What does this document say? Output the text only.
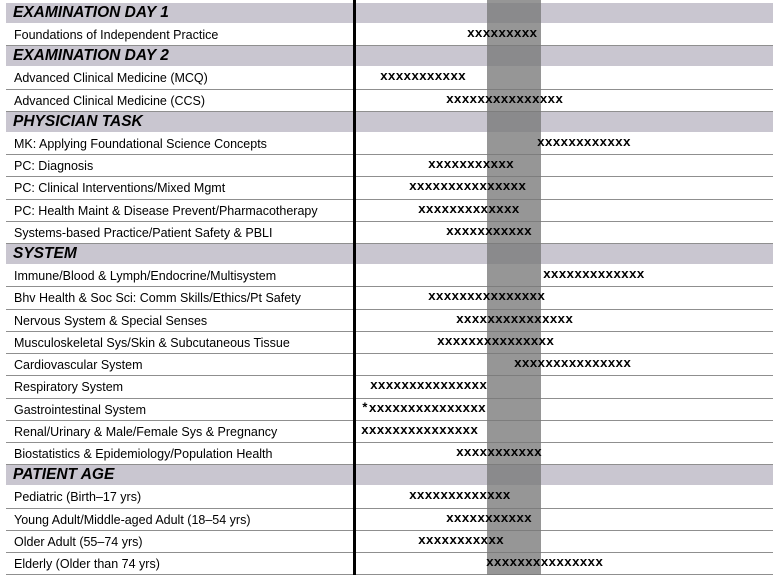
EXAMINATION DAY 1
Foundations of Independent Practice	xxxxxxxxx
EXAMINATION DAY 2
Advanced Clinical Medicine (MCQ)	xxxxxxxxxxx
Advanced Clinical Medicine (CCS)	xxxxxxxxxxxxxxx
PHYSICIAN TASK
MK: Applying Foundational Science Concepts	xxxxxxxxxxxx
PC: Diagnosis	xxxxxxxxxxx
PC: Clinical Interventions/Mixed Mgmt	xxxxxxxxxxxxxxx
PC: Health Maint & Disease Prevent/Pharmacotherapy	xxxxxxxxxxxxx
Systems-based Practice/Patient Safety & PBLI	xxxxxxxxxxx
SYSTEM
Immune/Blood & Lymph/Endocrine/Multisystem	xxxxxxxxxxxxx
Bhv Health & Soc Sci: Comm Skills/Ethics/Pt Safety	xxxxxxxxxxxxxxx
Nervous System & Special Senses	xxxxxxxxxxxxxxx
Musculoskeletal Sys/Skin & Subcutaneous Tissue	xxxxxxxxxxxxxxx
Cardiovascular System	xxxxxxxxxxxxxxx
Respiratory System	xxxxxxxxxxxxxxx
Gastrointestinal System	*xxxxxxxxxxxxxxx
Renal/Urinary & Male/Female Sys & Pregnancy	xxxxxxxxxxxxxxx
Biostatistics & Epidemiology/Population Health	xxxxxxxxxxx
PATIENT AGE
Pediatric (Birth–17 yrs)	xxxxxxxxxxxxx
Young Adult/Middle-aged Adult (18–54 yrs)	xxxxxxxxxxx
Older Adult (55–74 yrs)	xxxxxxxxxxx
Elderly (Older than 74 yrs)	xxxxxxxxxxxxxxx
